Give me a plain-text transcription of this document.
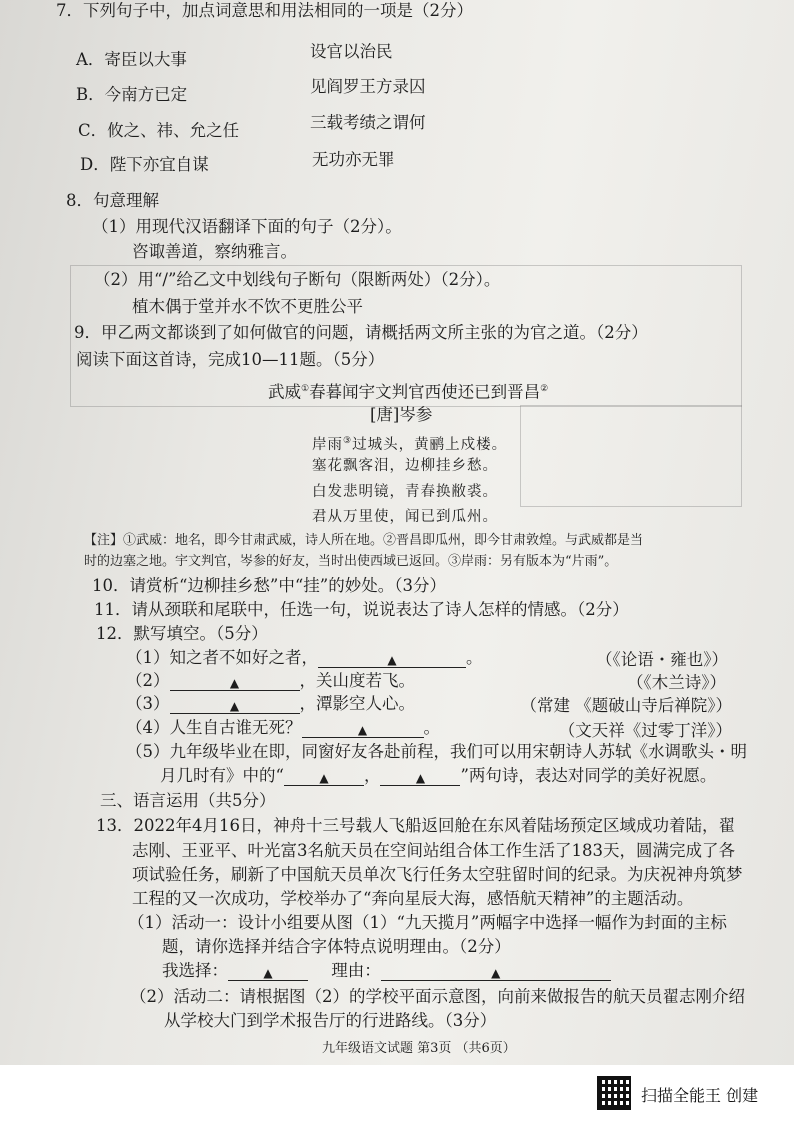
7．下列句子中，加点词意思和用法相同的一项是（2分）
A．寄臣以大事	设官以治民
B．今南方已定	见阎罗王方录囚
C．攸之、祎、允之任	三载考绩之谓何
D．陛下亦宜自谋	无功亦无罪
8．句意理解
（1）用现代汉语翻译下面的句子（2分）。
咨诹善道，察纳雅言。
（2）用“/”给乙文中划线句子断句（限断两处）（2分）。
植木偶于堂并水不饮不更胜公平
9．甲乙两文都谈到了如何做官的问题，请概括两文所主张的为官之道。（2分）
阅读下面这首诗，完成10—11题。（5分）
武威①春暮闻宇文判官西使还已到晋昌②
[唐]岑参
岸雨③过城头，黄鹂上戍楼。
塞花飘客泪，边柳挂乡愁。
白发悲明镜，青春换敝裘。
君从万里使，闻已到瓜州。
【注】①武威：地名，即今甘肃武威，诗人所在地。②晋昌即瓜州，即今甘肃敦煌。与武威都是当
时的边塞之地。宇文判官，岑参的好友，当时出使西域已返回。③岸雨：另有版本为“片雨”。
10．请赏析“边柳挂乡愁”中“挂”的妙处。（3分）
11．请从颈联和尾联中，任选一句，说说表达了诗人怎样的情感。（2分）
12．默写填空。（5分）
（1）知之者不如好之者，	▲	。	（《论语・雍也》）
（2）	▲	，关山度若飞。	（《木兰诗》）
（3）	▲	，潭影空人心。	（常建 《题破山寺后禅院》）
（4）人生自古谁无死？	▲	。	（文天祥《过零丁洋》）
（5）九年级毕业在即，同窗好友各赴前程，我们可以用宋朝诗人苏轼《水调歌头・明
月几时有》中的“	▲ ，	▲ ”两句诗，表达对同学的美好祝愿。
三、语言运用（共5分）
13．2022年4月16日，神舟十三号载人飞船返回舱在东风着陆场预定区域成功着陆，翟
志刚、王亚平、叶光富3名航天员在空间站组合体工作生活了183天，圆满完成了各
项试验任务，刷新了中国航天员单次飞行任务太空驻留时间的纪录。为庆祝神舟筑梦
工程的又一次成功，学校举办了“奔向星辰大海，感悟航天精神”的主题活动。
（1）活动一：设计小组要从图（1）“九天揽月”两幅字中选择一幅作为封面的主标
题，请你选择并结合字体特点说明理由。（2分）
我选择：	▲	理由：	▲
（2）活动二：请根据图（2）的学校平面示意图，向前来做报告的航天员翟志刚介绍
从学校大门到学术报告厅的行进路线。（3分）
九年级语文试题 第3页 （共6页）
扫描全能王 创建
